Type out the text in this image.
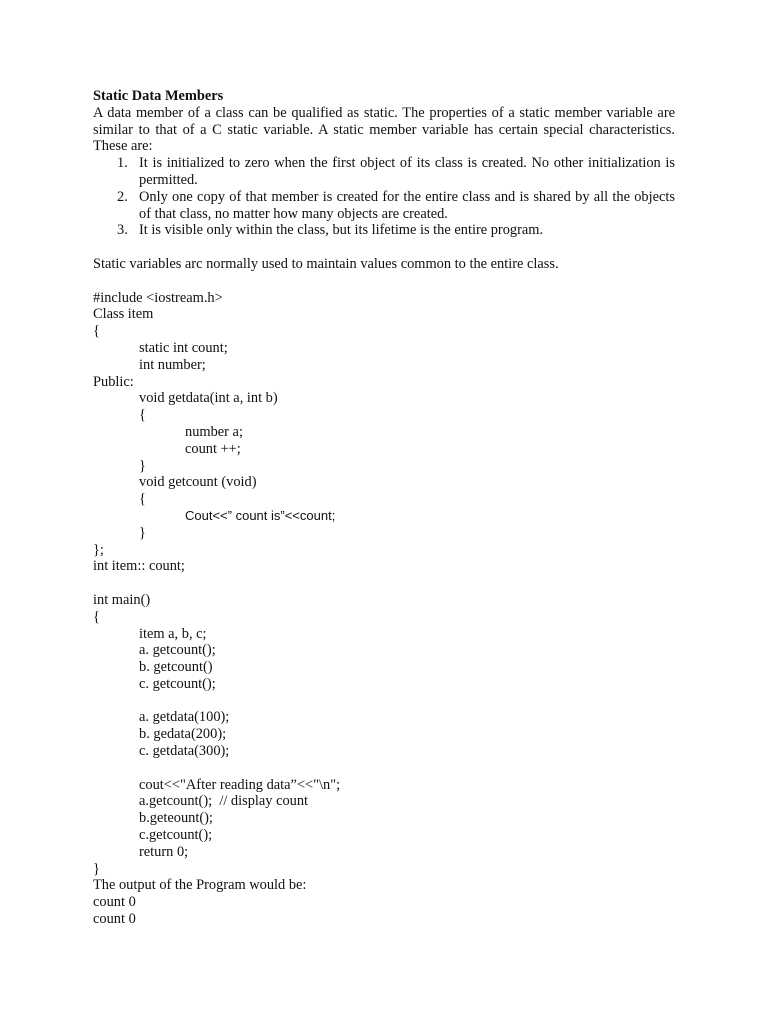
Static Data Members
A data member of a class can be qualified as static. The properties of a static member variable are similar to that of a C static variable. A static member variable has certain special characteristics. These are:
1. It is initialized to zero when the first object of its class is created. No other initialization is permitted.
2. Only one copy of that member is created for the entire class and is shared by all the objects of that class, no matter how many objects are created.
3. It is visible only within the class, but its lifetime is the entire program.
Static variables arc normally used to maintain values common to the entire class.
#include <iostream.h>
Class item
{
static int count;
int number;
Public:
void getdata(int a, int b)
{
number a;
count ++;
}
void getcount (void)
{
Cout<<” count is”<<count;
}
};
int item:: count;
int main()
{
item a, b, c;
a. getcount();
b. getcount()
c. getcount();
a. getdata(100);
b. gedata(200);
c. getdata(300);
cout<<"After reading data”<<"\n";
a.getcount();  // display count
b.geteount();
c.getcount();
return 0;
}
The output of the Program would be:
count 0
count 0
